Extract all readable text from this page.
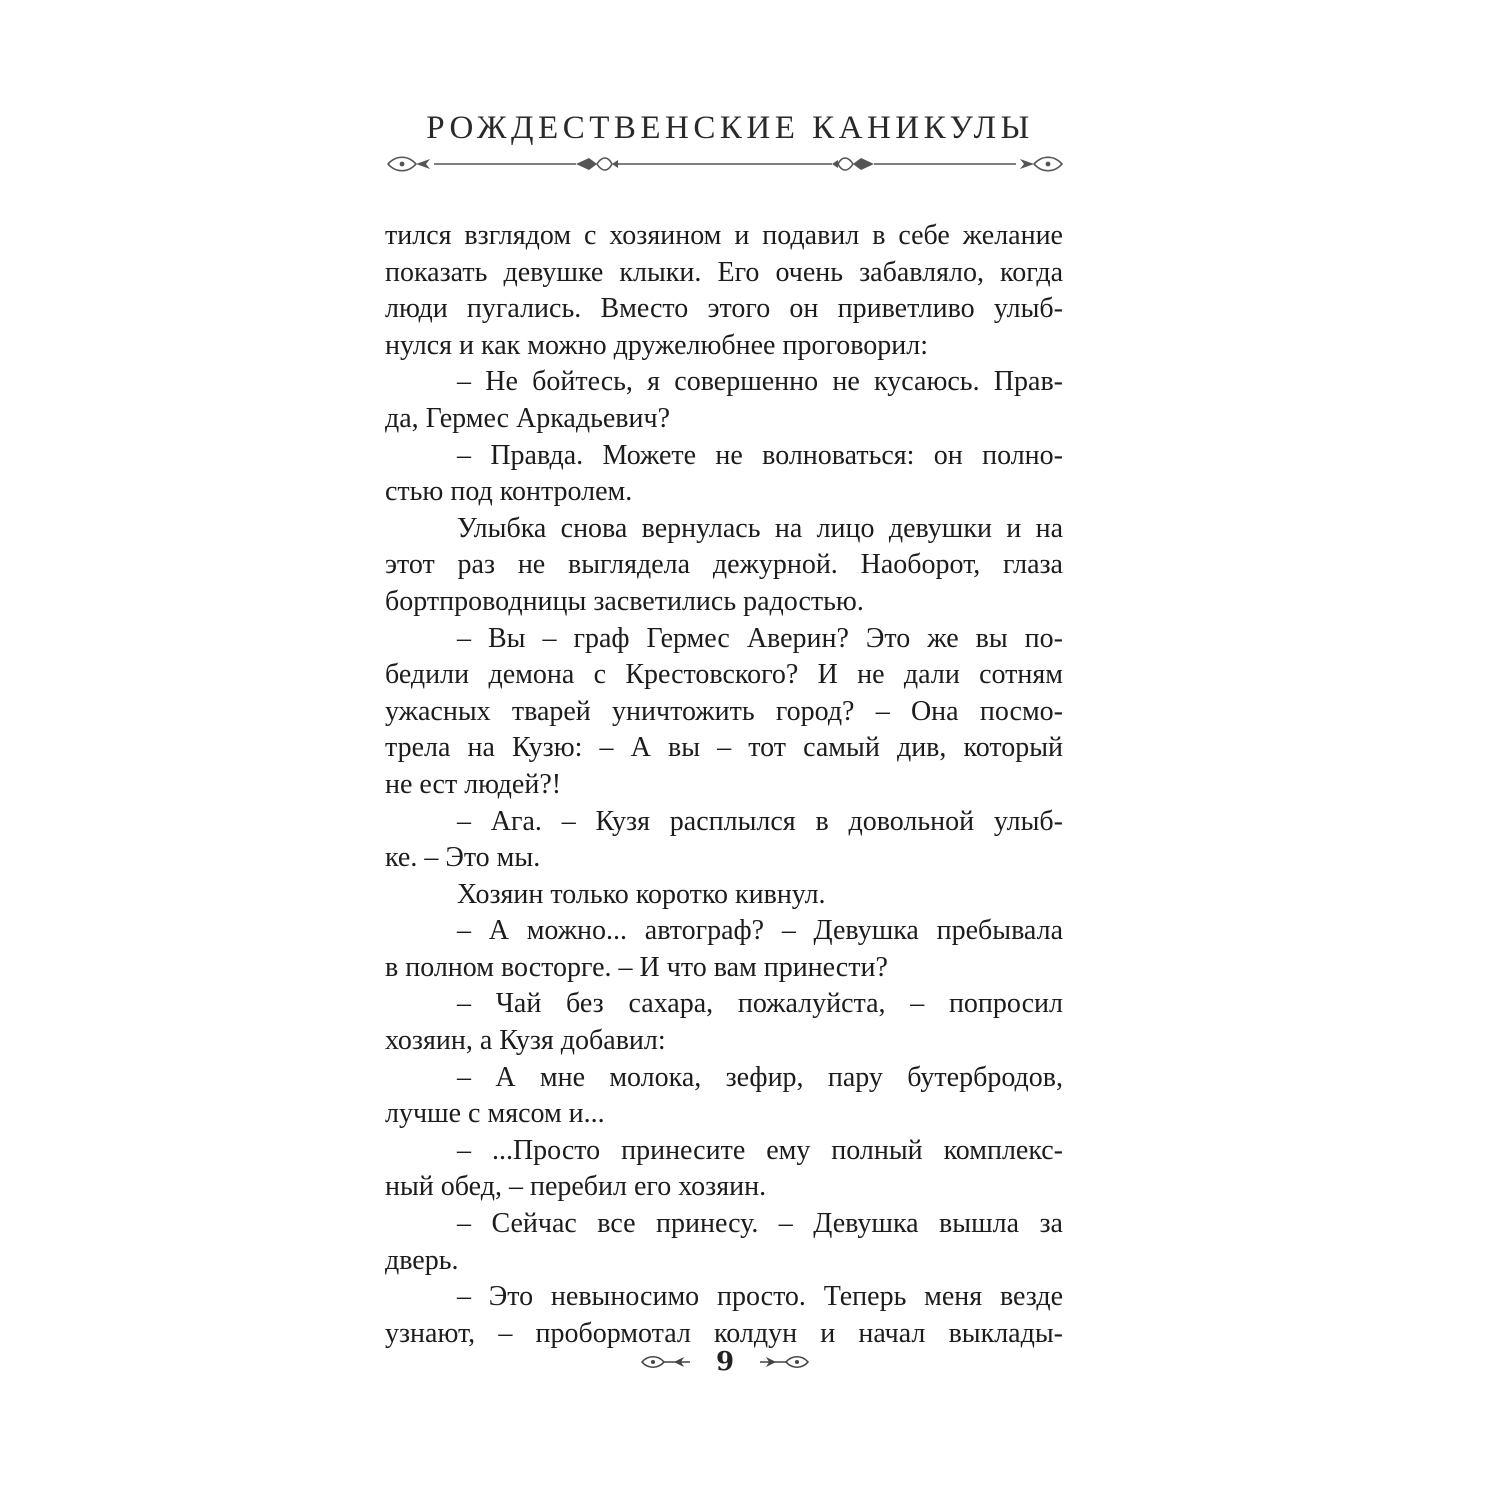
РОЖДЕСТВЕНСКИЕ КАНИКУЛЫ
тился взглядом с хозяином и подавил в себе желание
показать девушке клыки. Его очень забавляло, когда
люди пугались. Вместо этого он приветливо улыб-
нулся и как можно дружелюбнее проговорил:
– Не бойтесь, я совершенно не кусаюсь. Прав-
да, Гермес Аркадьевич?
– Правда. Можете не волноваться: он полно-
стью под контролем.
Улыбка снова вернулась на лицо девушки и на
этот раз не выглядела дежурной. Наоборот, глаза
бортпроводницы засветились радостью.
– Вы – граф Гермес Аверин? Это же вы по-
бедили демона с Крестовского? И не дали сотням
ужасных тварей уничтожить город? – Она посмо-
трела на Кузю: – А вы – тот самый див, который
не ест людей?!
– Ага. – Кузя расплылся в довольной улыб-
ке. – Это мы.
Хозяин только коротко кивнул.
– А можно... автограф? – Девушка пребывала
в полном восторге. – И что вам принести?
– Чай без сахара, пожалуйста, – попросил
хозяин, а Кузя добавил:
– А мне молока, зефир, пару бутербродов,
лучше с мясом и...
– ...Просто принесите ему полный комплекс-
ный обед, – перебил его хозяин.
– Сейчас все принесу. – Девушка вышла за
дверь.
– Это невыносимо просто. Теперь меня везде
узнают, – пробормотал колдун и начал выклады-
9
